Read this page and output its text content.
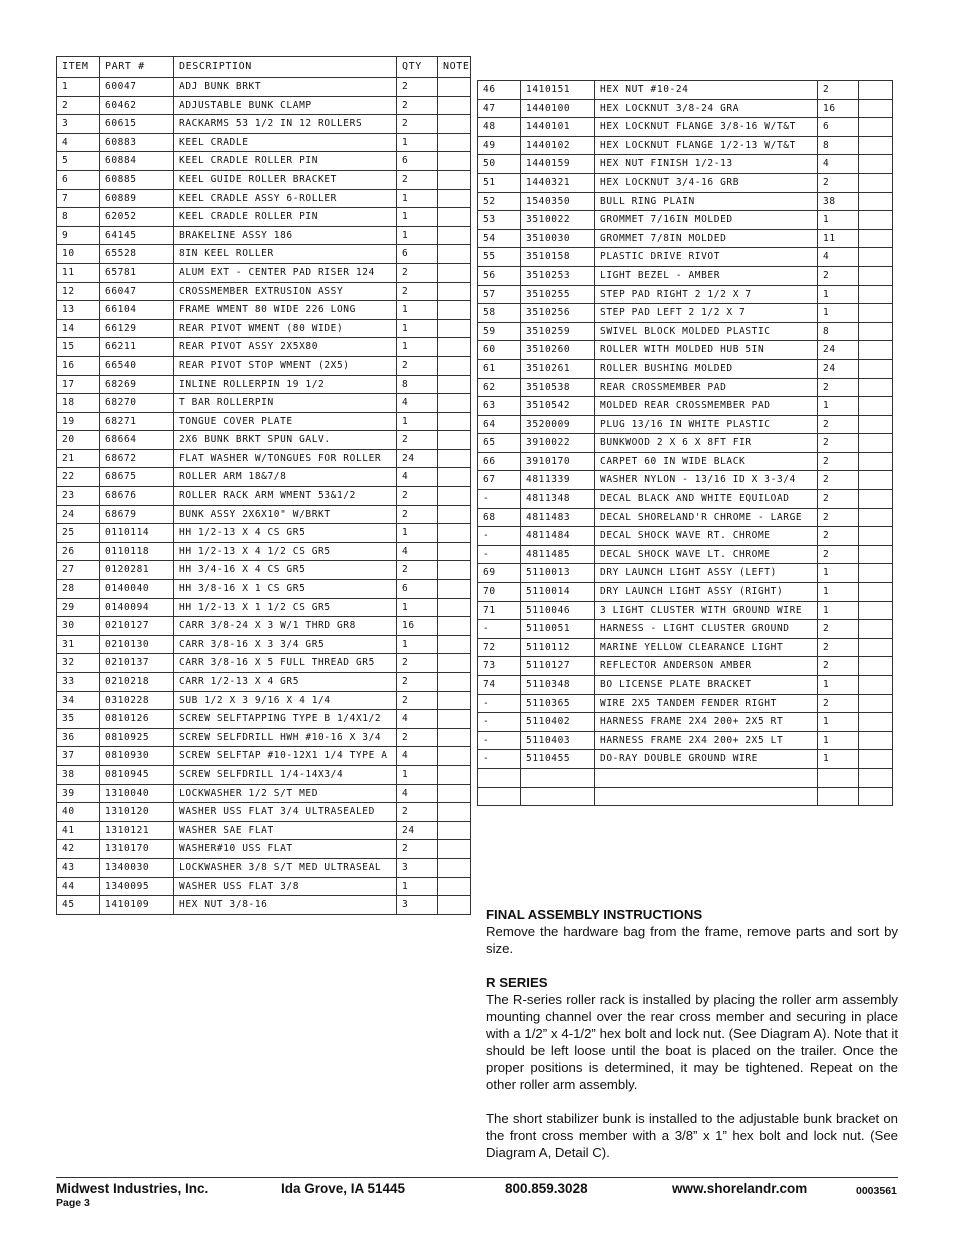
ITEM	PART #	DESCRIPTION	QTY	NOTE
1	60047	ADJ BUNK BRKT	2	
2	60462	ADJUSTABLE BUNK CLAMP	2	
3	60615	RACKARMS 53 1/2 IN 12 ROLLERS	2	
4	60883	KEEL CRADLE	1	
5	60884	KEEL CRADLE ROLLER PIN	6	
6	60885	KEEL GUIDE ROLLER BRACKET	2	
7	60889	KEEL CRADLE ASSY 6-ROLLER	1	
8	62052	KEEL CRADLE ROLLER PIN	1	
9	64145	BRAKELINE ASSY 186	1	
10	65528	8IN KEEL ROLLER	6	
11	65781	ALUM EXT - CENTER PAD RISER 124	2	
12	66047	CROSSMEMBER EXTRUSION ASSY	2	
13	66104	FRAME WMENT 80 WIDE 226 LONG	1	
14	66129	REAR PIVOT WMENT (80 WIDE)	1	
15	66211	REAR PIVOT ASSY 2X5X80	1	
16	66540	REAR PIVOT STOP WMENT (2X5)	2	
17	68269	INLINE ROLLERPIN 19 1/2	8	
18	68270	T BAR ROLLERPIN	4	
19	68271	TONGUE COVER PLATE	1	
20	68664	2X6 BUNK BRKT SPUN GALV.	2	
21	68672	FLAT WASHER W/TONGUES FOR ROLLER	24	
22	68675	ROLLER ARM 18&7/8	4	
23	68676	ROLLER RACK ARM WMENT 53&1/2	2	
24	68679	BUNK ASSY 2X6X10" W/BRKT	2	
25	0110114	HH 1/2-13 X 4 CS GR5	1	
26	0110118	HH 1/2-13 X 4 1/2 CS GR5	4	
27	0120281	HH 3/4-16 X 4 CS GR5	2	
28	0140040	HH 3/8-16 X 1 CS GR5	6	
29	0140094	HH 1/2-13 X 1 1/2 CS GR5	1	
30	0210127	CARR 3/8-24 X 3 W/1 THRD GR8	16	
31	0210130	CARR 3/8-16 X 3 3/4 GR5	1	
32	0210137	CARR 3/8-16 X 5 FULL THREAD GR5	2	
33	0210218	CARR 1/2-13 X 4 GR5	2	
34	0310228	SUB 1/2 X 3 9/16 X 4 1/4	2	
35	0810126	SCREW SELFTAPPING TYPE B 1/4X1/2	4	
36	0810925	SCREW SELFDRILL HWH #10-16 X 3/4	2	
37	0810930	SCREW SELFTAP #10-12X1 1/4 TYPE A	4	
38	0810945	SCREW SELFDRILL 1/4-14X3/4	1	
39	1310040	LOCKWASHER 1/2 S/T MED	4	
40	1310120	WASHER USS FLAT 3/4 ULTRASEALED	2	
41	1310121	WASHER SAE FLAT	24	
42	1310170	WASHER#10 USS FLAT	2	
43	1340030	LOCKWASHER 3/8 S/T MED ULTRASEAL	3	
44	1340095	WASHER USS FLAT 3/8	1	
45	1410109	HEX NUT 3/8-16	3	
46	1410151	HEX NUT #10-24	2	
47	1440100	HEX LOCKNUT 3/8-24 GRA	16	
48	1440101	HEX LOCKNUT FLANGE 3/8-16 W/T&T	6	
49	1440102	HEX LOCKNUT FLANGE 1/2-13 W/T&T	8	
50	1440159	HEX NUT FINISH 1/2-13	4	
51	1440321	HEX LOCKNUT 3/4-16 GRB	2	
52	1540350	BULL RING PLAIN	38	
53	3510022	GROMMET 7/16IN MOLDED	1	
54	3510030	GROMMET 7/8IN MOLDED	11	
55	3510158	PLASTIC DRIVE RIVOT	4	
56	3510253	LIGHT BEZEL - AMBER	2	
57	3510255	STEP PAD RIGHT 2 1/2 X 7	1	
58	3510256	STEP PAD LEFT 2 1/2 X 7	1	
59	3510259	SWIVEL BLOCK MOLDED PLASTIC	8	
60	3510260	ROLLER WITH MOLDED HUB 5IN	24	
61	3510261	ROLLER BUSHING MOLDED	24	
62	3510538	REAR CROSSMEMBER PAD	2	
63	3510542	MOLDED REAR CROSSMEMBER PAD	1	
64	3520009	PLUG 13/16 IN WHITE PLASTIC	2	
65	3910022	BUNKWOOD 2 X 6 X 8FT FIR	2	
66	3910170	CARPET 60 IN WIDE BLACK	2	
67	4811339	WASHER NYLON - 13/16 ID X 3-3/4	2	
-	4811348	DECAL BLACK AND WHITE EQUILOAD	2	
68	4811483	DECAL SHORELAND'R CHROME - LARGE	2	
-	4811484	DECAL SHOCK WAVE RT. CHROME	2	
-	4811485	DECAL SHOCK WAVE LT. CHROME	2	
69	5110013	DRY LAUNCH LIGHT ASSY (LEFT)	1	
70	5110014	DRY LAUNCH LIGHT ASSY (RIGHT)	1	
71	5110046	3 LIGHT CLUSTER WITH GROUND WIRE	1	
-	5110051	HARNESS - LIGHT CLUSTER GROUND	2	
72	5110112	MARINE YELLOW CLEARANCE LIGHT	2	
73	5110127	REFLECTOR ANDERSON AMBER	2	
74	5110348	BO LICENSE PLATE BRACKET	1	
-	5110365	WIRE 2X5 TANDEM FENDER RIGHT	2	
-	5110402	HARNESS FRAME 2X4 200+ 2X5 RT	1	
-	5110403	HARNESS FRAME 2X4 200+ 2X5 LT	1	
-	5110455	DO-RAY DOUBLE GROUND WIRE	1	

FINAL ASSEMBLY INSTRUCTIONS

Remove the hardware bag from the frame, remove parts and sort by size.

R SERIES

The R-series roller rack is installed by placing the roller arm assembly mounting channel over the rear cross member and securing in place with a 1/2” x 4-1/2” hex bolt and lock nut. (See Diagram A). Note that it should be left loose until the boat is placed on the trailer. Once the proper positions is determined, it may be tightened. Repeat on the other roller arm assembly.

The short stabilizer bunk is installed to the adjustable bunk bracket on the front cross member with a 3/8” x 1” hex bolt and lock nut. (See Diagram A, Detail C).

Midwest Industries, Inc.	Ida Grove, IA 51445	800.859.3028	www.shorelandr.com	0003561
Page 3
